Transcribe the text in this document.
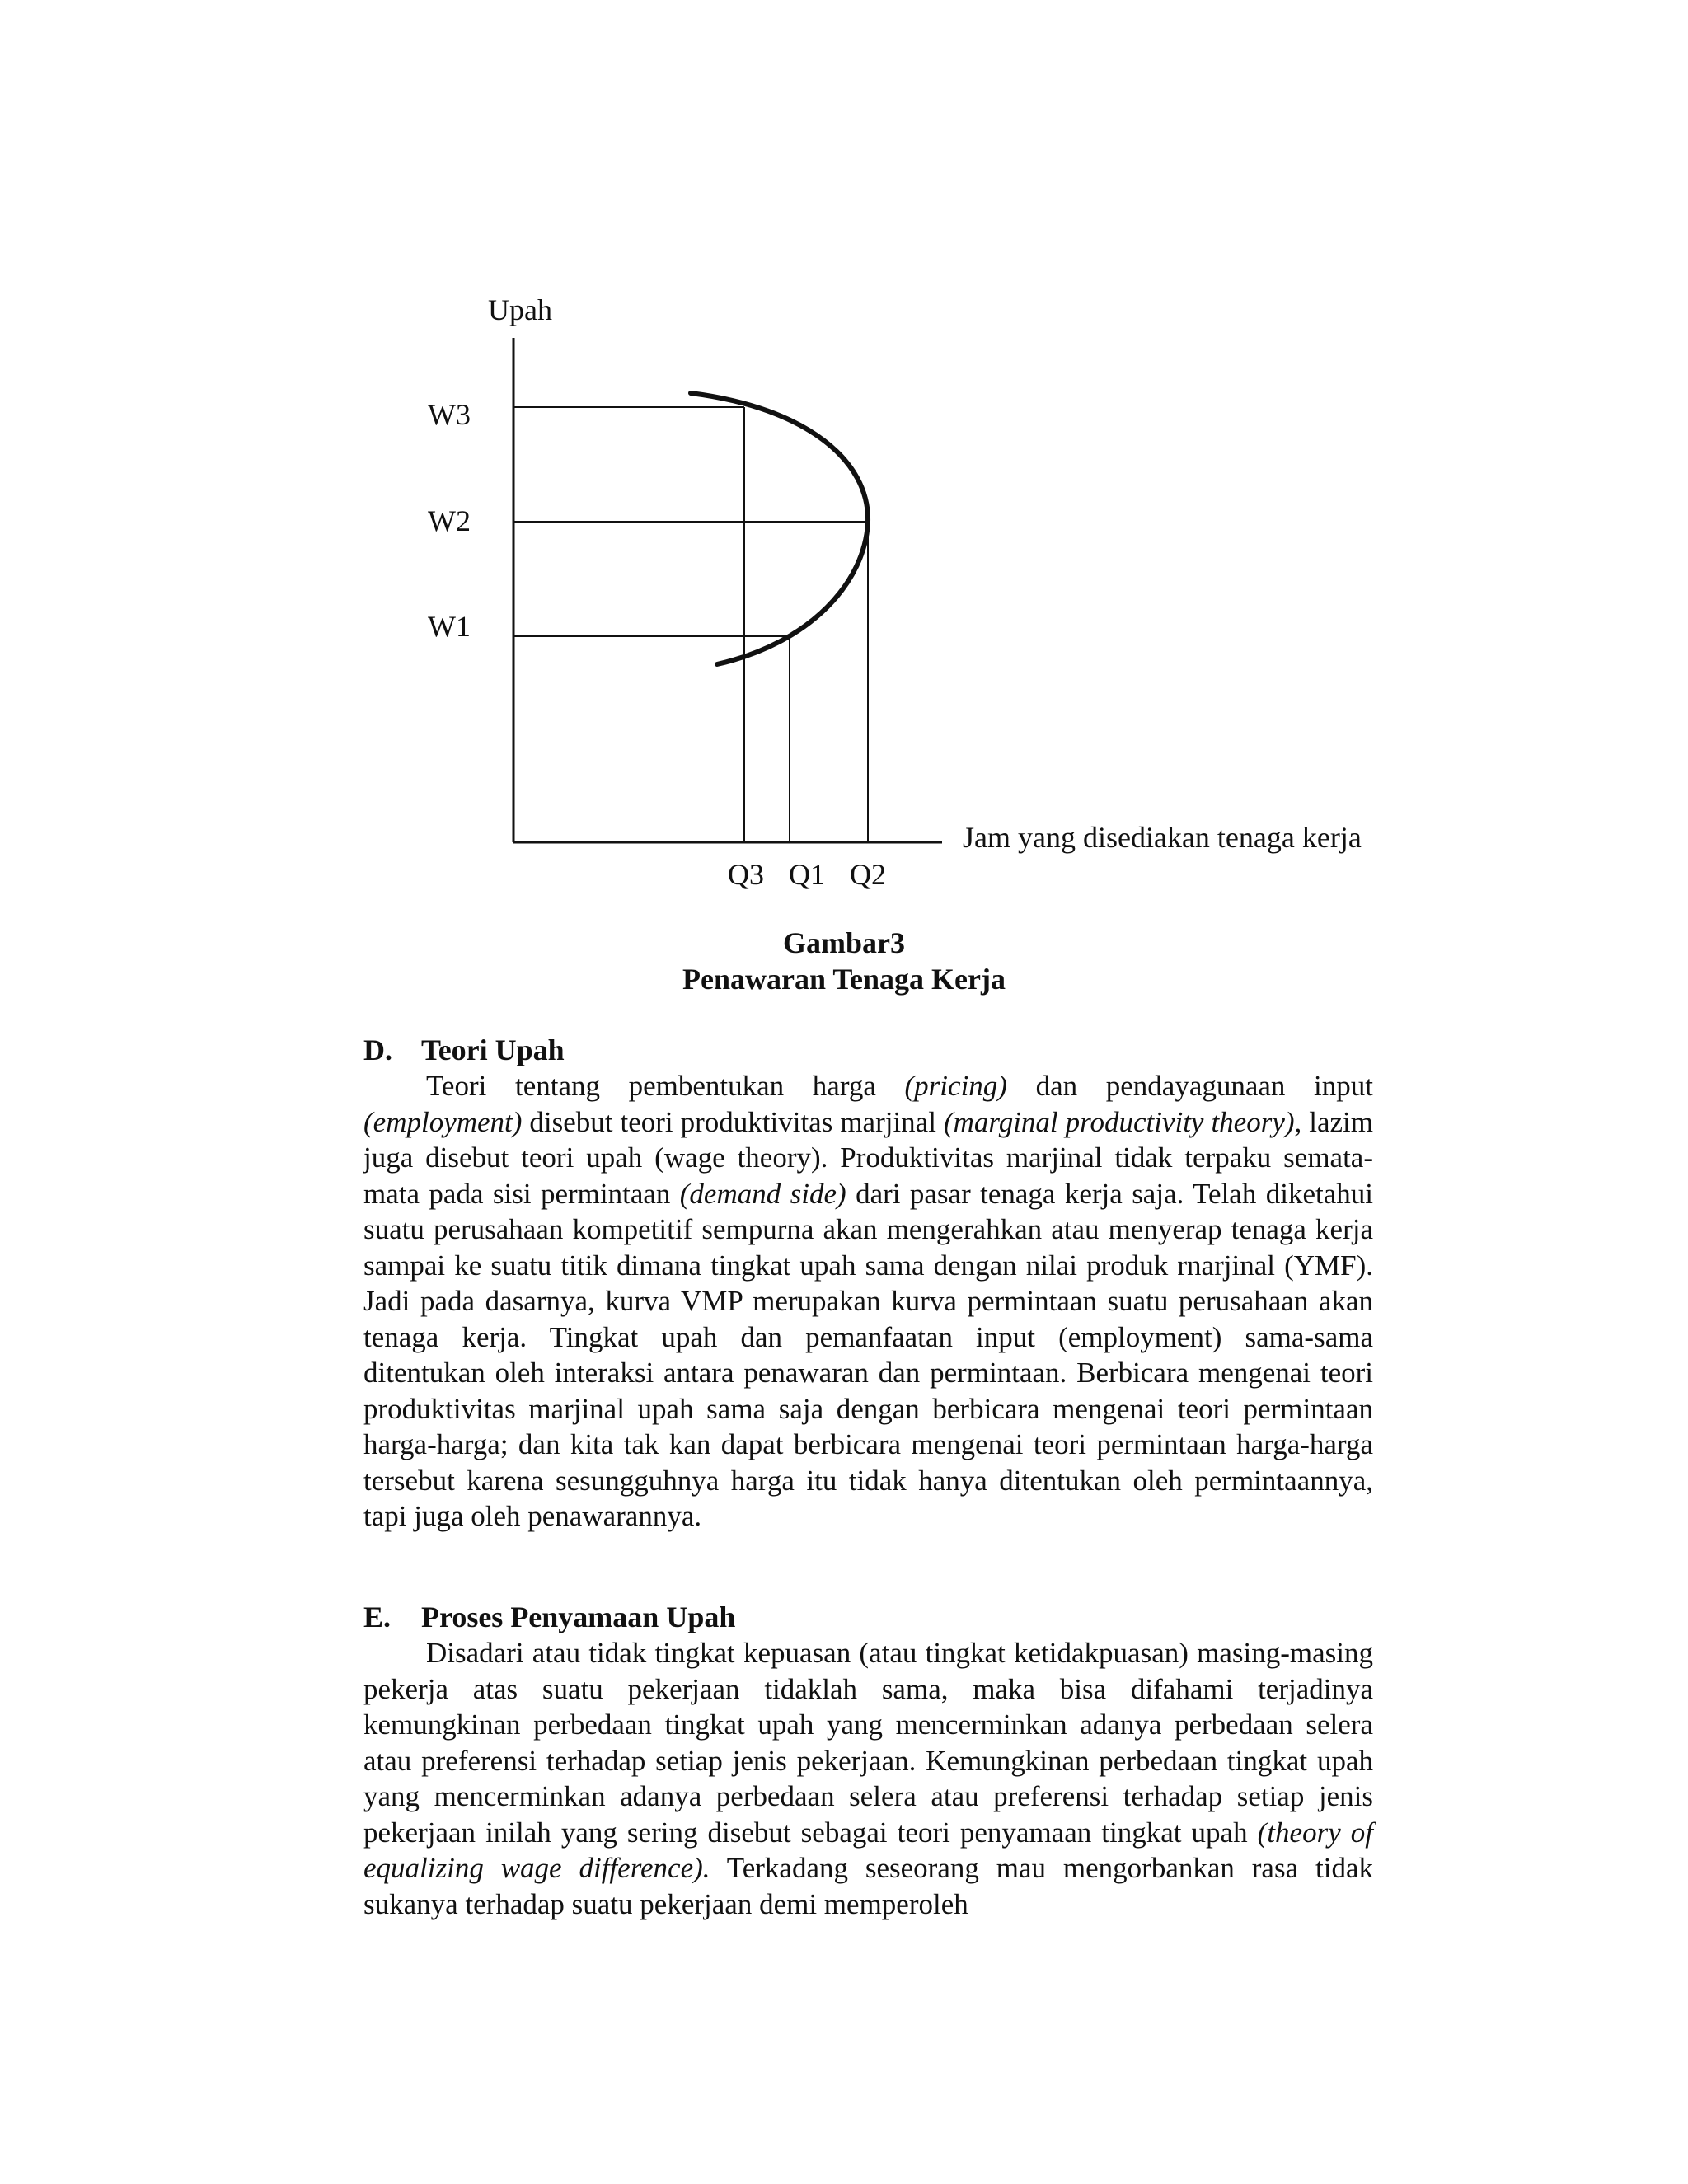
Upah
Jam yang disediakan tenaga kerja
W3
W2
W1
Q3 Q1 Q2
Gambar3
Penawaran Tenaga Kerja
D. Teori Upah

Teori tentang pembentukan harga (pricing) dan pendayagunaan input (employment) disebut teori produktivitas marjinal (marginal productivity theory), lazim juga disebut teori upah (wage theory). Produktivitas marjinal tidak terpaku semata-mata pada sisi permintaan (demand side) dari pasar tenaga kerja saja. Telah diketahui suatu perusahaan kompetitif sempurna akan mengerahkan atau menyerap tenaga kerja sampai ke suatu titik dimana tingkat upah sama dengan nilai produk rnarjinal (YMF). Jadi pada dasarnya, kurva VMP merupakan kurva permintaan suatu perusahaan akan tenaga kerja. Tingkat upah dan pemanfaatan input (employment) sama-sama ditentukan oleh interaksi antara penawaran dan permintaan. Berbicara mengenai teori produktivitas marjinal upah sama saja dengan berbicara mengenai teori permintaan harga-harga; dan kita tak kan dapat berbicara mengenai teori permintaan harga-harga tersebut karena sesungguhnya harga itu tidak hanya ditentukan oleh permintaannya, tapi juga oleh penawarannya.

E. Proses Penyamaan Upah

Disadari atau tidak tingkat kepuasan (atau tingkat ketidakpuasan) masing-masing pekerja atas suatu pekerjaan tidaklah sama, maka bisa difahami terjadinya kemungkinan perbedaan tingkat upah yang mencerminkan adanya perbedaan selera atau preferensi terhadap setiap jenis pekerjaan. Kemungkinan perbedaan tingkat upah yang mencerminkan adanya perbedaan selera atau preferensi terhadap setiap jenis pekerjaan inilah yang sering disebut sebagai teori penyamaan tingkat upah (theory of equalizing wage difference). Terkadang seseorang mau mengorbankan rasa tidak sukanya terhadap suatu pekerjaan demi memperoleh
